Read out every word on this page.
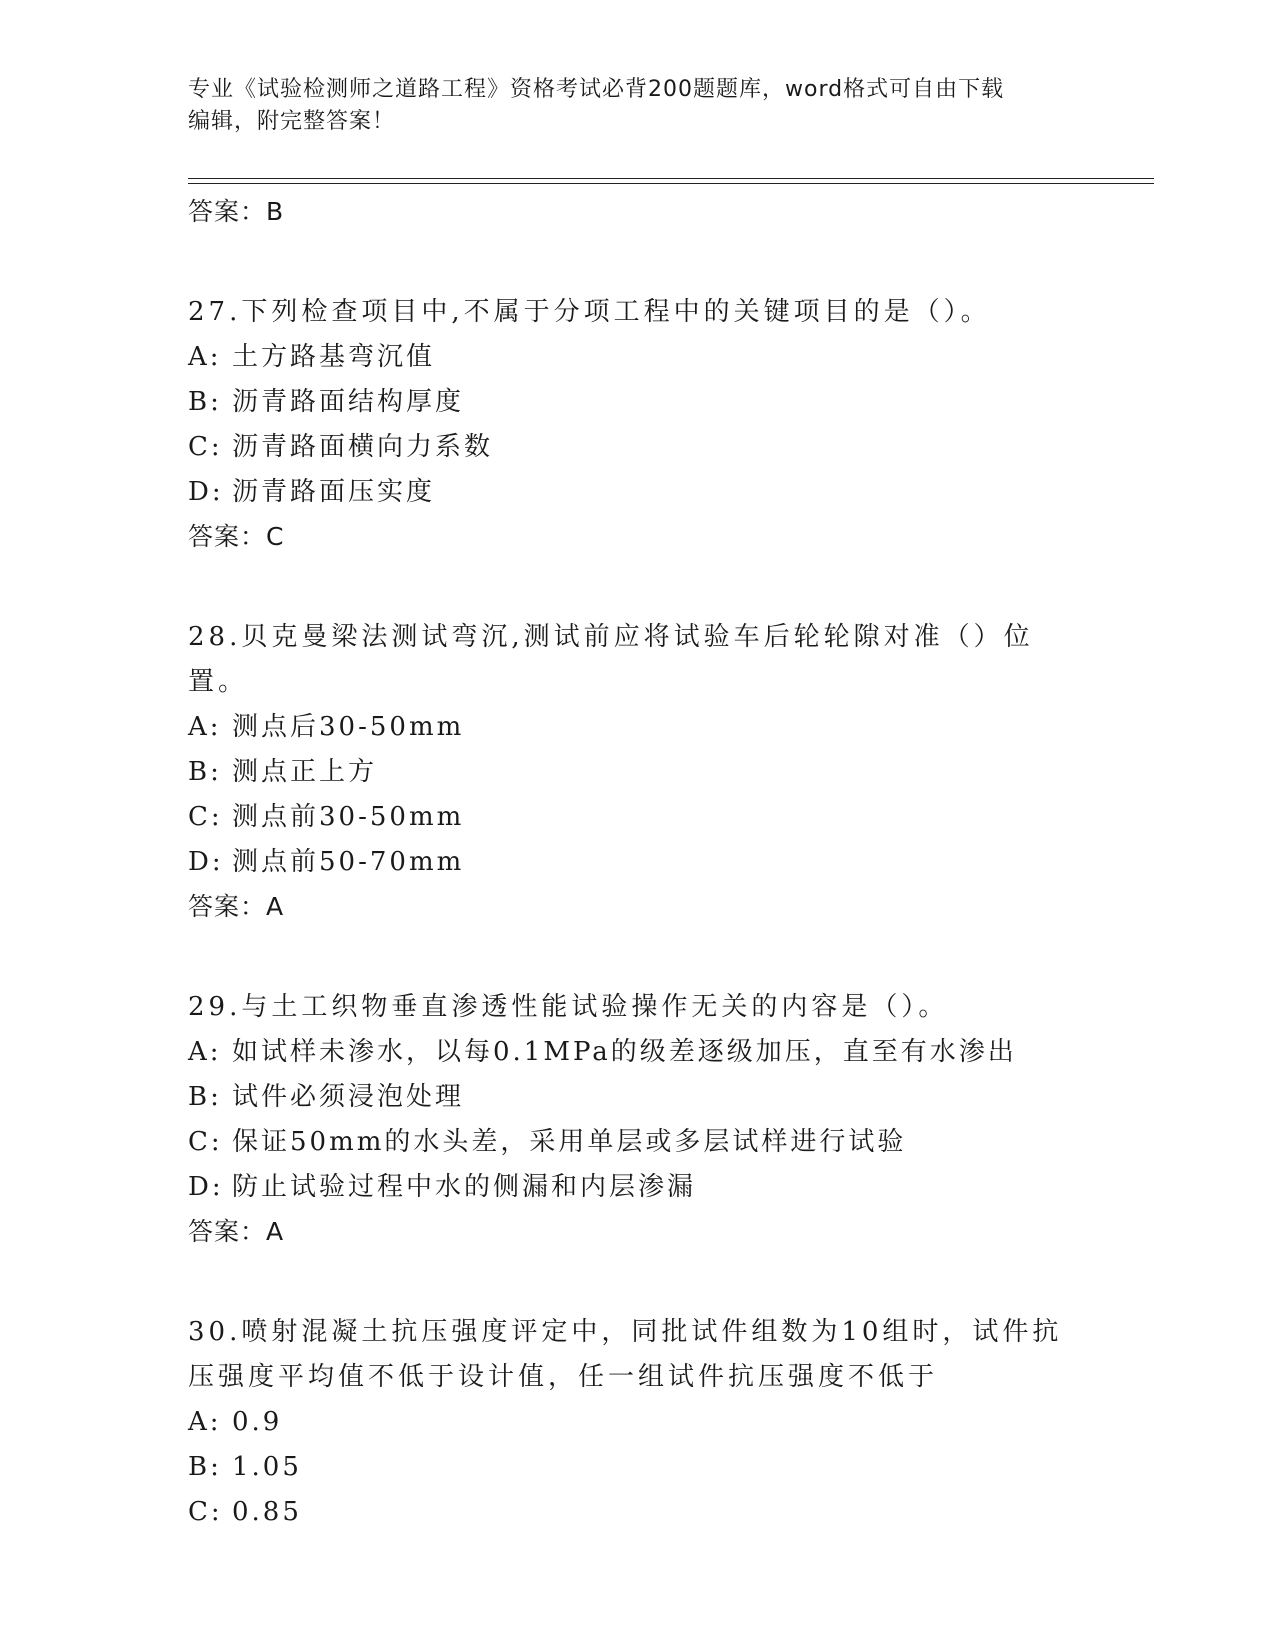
专业《试验检测师之道路工程》资格考试必背200题题库，word格式可自由下载
编辑，附完整答案！
答案：B

27.下列检查项目中,不属于分项工程中的关键项目的是（）。

A: 土方路基弯沉值
B: 沥青路面结构厚度
C: 沥青路面横向力系数
D: 沥青路面压实度
答案：C

28.贝克曼梁法测试弯沉,测试前应将试验车后轮轮隙对准（）位置。

A: 测点后30-50mm
B: 测点正上方
C: 测点前30-50mm
D: 测点前50-70mm
答案：A

29.与土工织物垂直渗透性能试验操作无关的内容是（）。

A: 如试样未渗水，以每0.1MPa的级差逐级加压，直至有水渗出
B: 试件必须浸泡处理
C: 保证50mm的水头差，采用单层或多层试样进行试验
D: 防止试验过程中水的侧漏和内层渗漏
答案：A

30.喷射混凝土抗压强度评定中，同批试件组数为10组时，试件抗压强度平均值不低于设计值，任一组试件抗压强度不低于

A: 0.9
B: 1.05
C: 0.85
